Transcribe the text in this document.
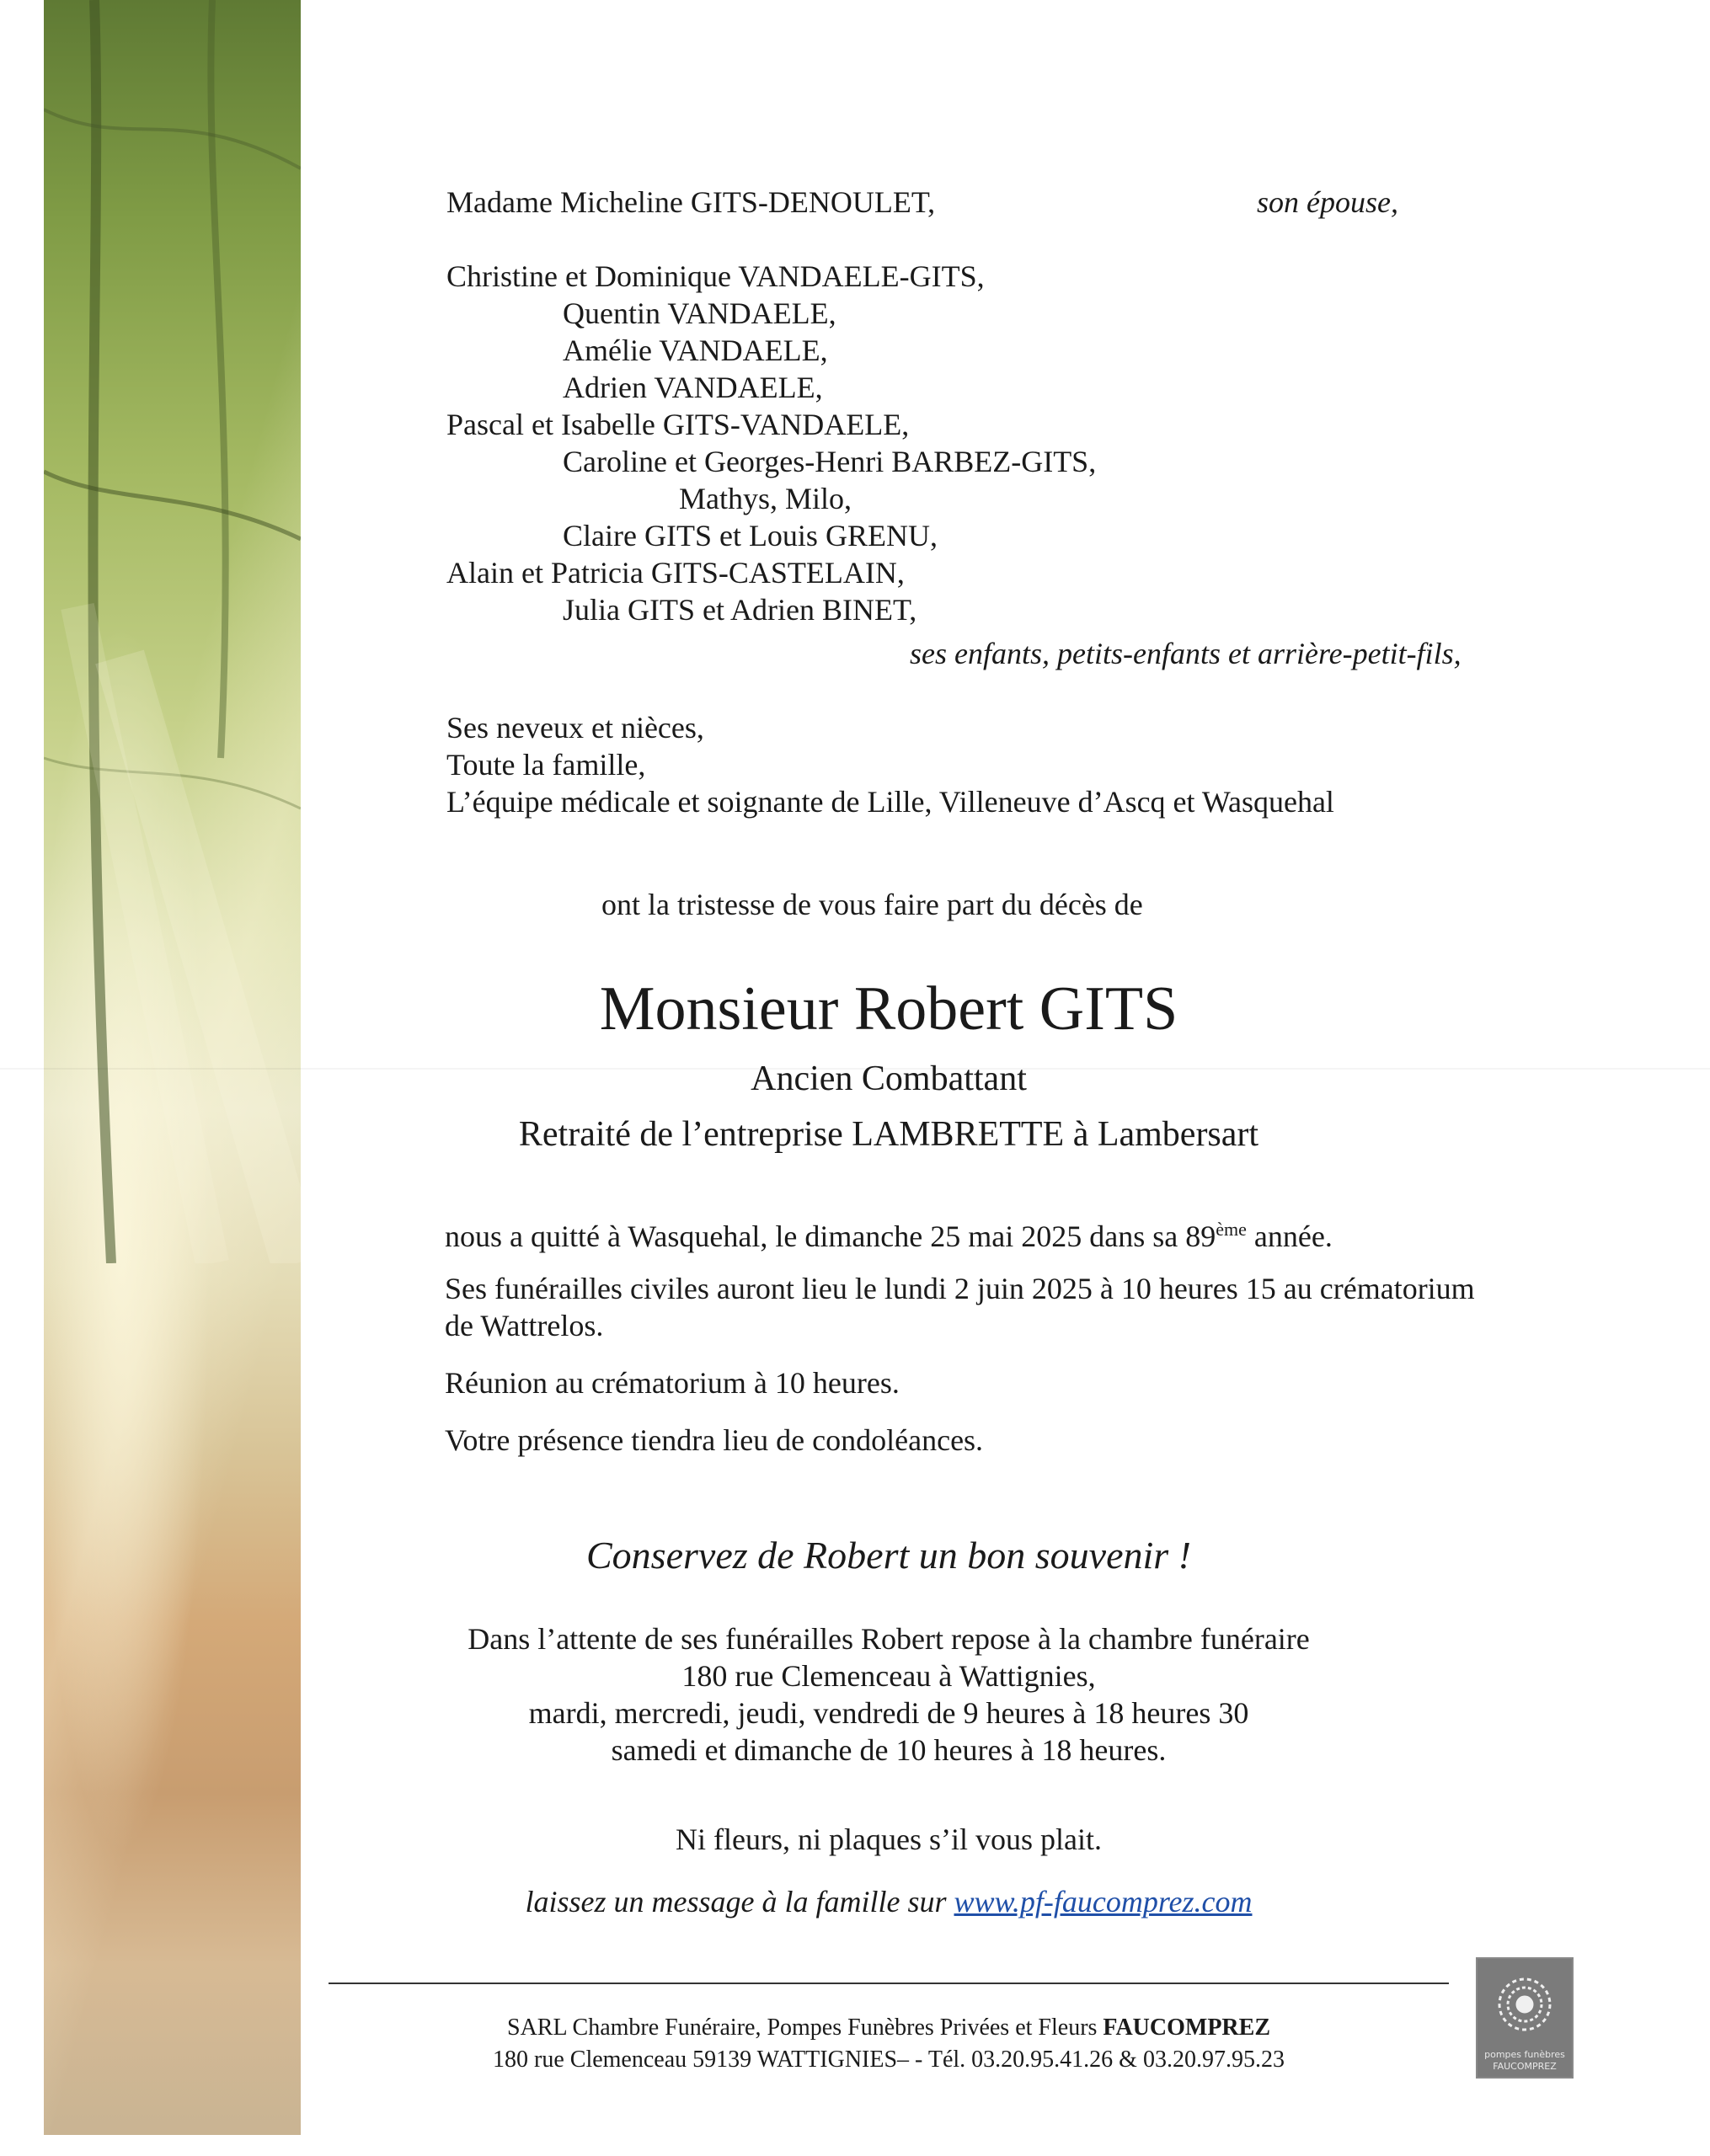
Madame Micheline GITS-DENOULET,	son épouse,

Christine et Dominique VANDAELE-GITS,

Quentin VANDAELE,

Amélie VANDAELE,

Adrien VANDAELE,

Pascal et Isabelle GITS-VANDAELE,

Caroline et Georges-Henri BARBEZ-GITS,

Mathys, Milo,

Claire GITS et Louis GRENU,

Alain et Patricia GITS-CASTELAIN,

Julia GITS et Adrien BINET,

ses enfants, petits-enfants et arrière-petit-fils,

Ses neveux et nièces,

Toute la famille,

L’équipe médicale et soignante de Lille, Villeneuve d’Ascq et Wasquehal

ont la tristesse de vous faire part du décès de

Monsieur Robert GITS

Ancien Combattant

Retraité de l’entreprise LAMBRETTE à Lambersart

nous a quitté à Wasquehal, le dimanche 25 mai 2025 dans sa 89ème année.

Ses funérailles civiles auront lieu le lundi 2 juin 2025 à 10 heures 15 au crématorium

de Wattrelos.

Réunion au crématorium à 10 heures.

Votre présence tiendra lieu de condoléances.

Conservez de Robert un bon souvenir !

Dans l’attente de ses funérailles Robert repose à la chambre funéraire

180 rue Clemenceau à Wattignies,

mardi, mercredi, jeudi, vendredi de 9 heures à 18 heures 30

samedi et dimanche de 10 heures à 18 heures.

Ni fleurs, ni plaques s’il vous plait.

laissez un message à la famille sur www.pf-faucomprez.com

SARL Chambre Funéraire, Pompes Funèbres Privées et Fleurs FAUCOMPREZ

180 rue Clemenceau 59139 WATTIGNIES– - Tél. 03.20.95.41.26 & 03.20.97.95.23	pompes funèbres
FAUCOMPREZ
